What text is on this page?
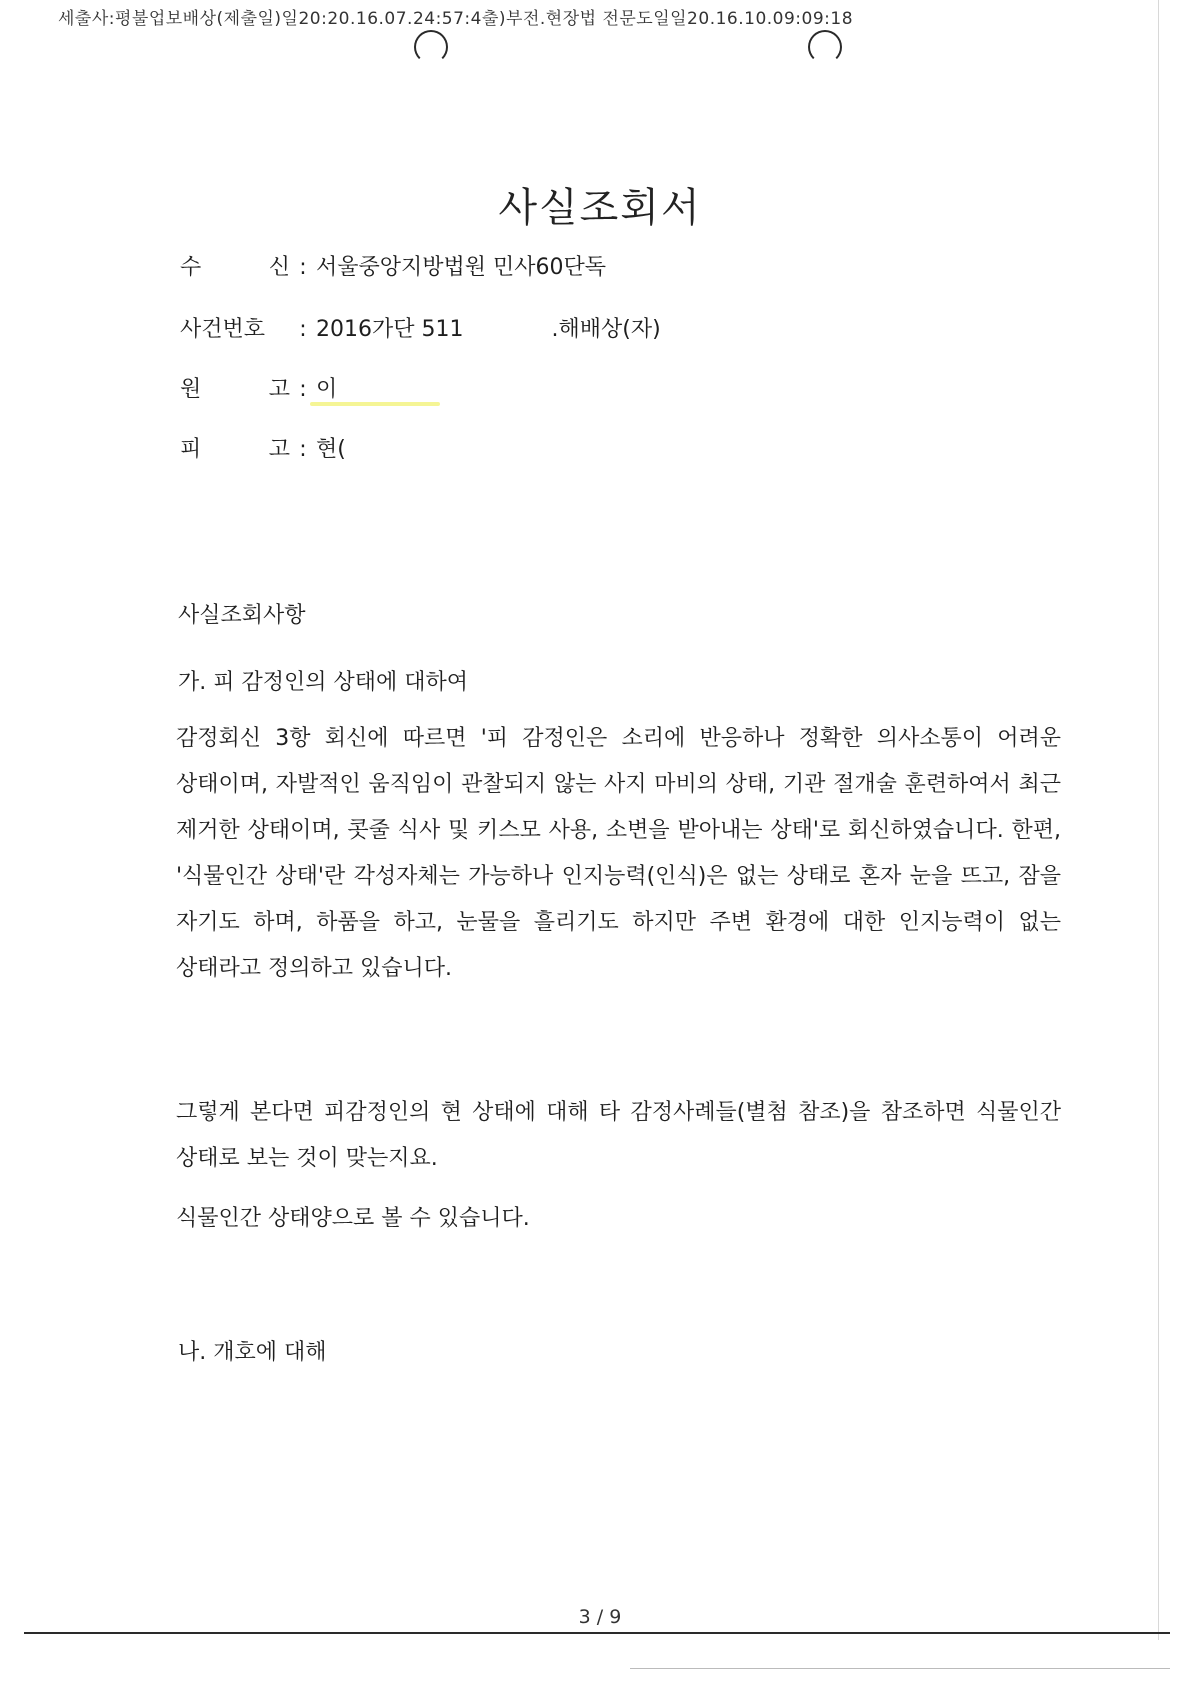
세출사:평불업보배상(제출일)일20:20.16.07.24:57:4출)부전.현장법 전문도일일20.16.10.09:09:18
사실조회서
수 신 : 서울중앙지방법원 민사60단독
사건번호	: 2016가단 511	.해배상(자)
원 고 : 이
피 고 : 현(
사실조회사항
가. 피 감정인의 상태에 대하여
감정회신 3항 회신에 따르면 '피 감정인은 소리에 반응하나 정확한 의사소통이 어려운 상태이며, 자발적인 움직임이 관찰되지 않는 사지 마비의 상태, 기관 절개술 훈련하여서 최근 제거한 상태이며, 콧줄 식사 및 키스모 사용, 소변을 받아내는 상태'로 회신하였습니다. 한편, '식물인간 상태'란 각성자체는 가능하나 인지능력(인식)은 없는 상태로 혼자 눈을 뜨고, 잠을 자기도 하며, 하품을 하고, 눈물을 흘리기도 하지만 주변 환경에 대한 인지능력이 없는 상태라고 정의하고 있습니다.
그렇게 본다면 피감정인의 현 상태에 대해 타 감정사례들(별첨 참조)을 참조하면 식물인간 상태로 보는 것이 맞는지요.
식물인간 상태양으로 볼 수 있습니다.
나. 개호에 대해
3 / 9
